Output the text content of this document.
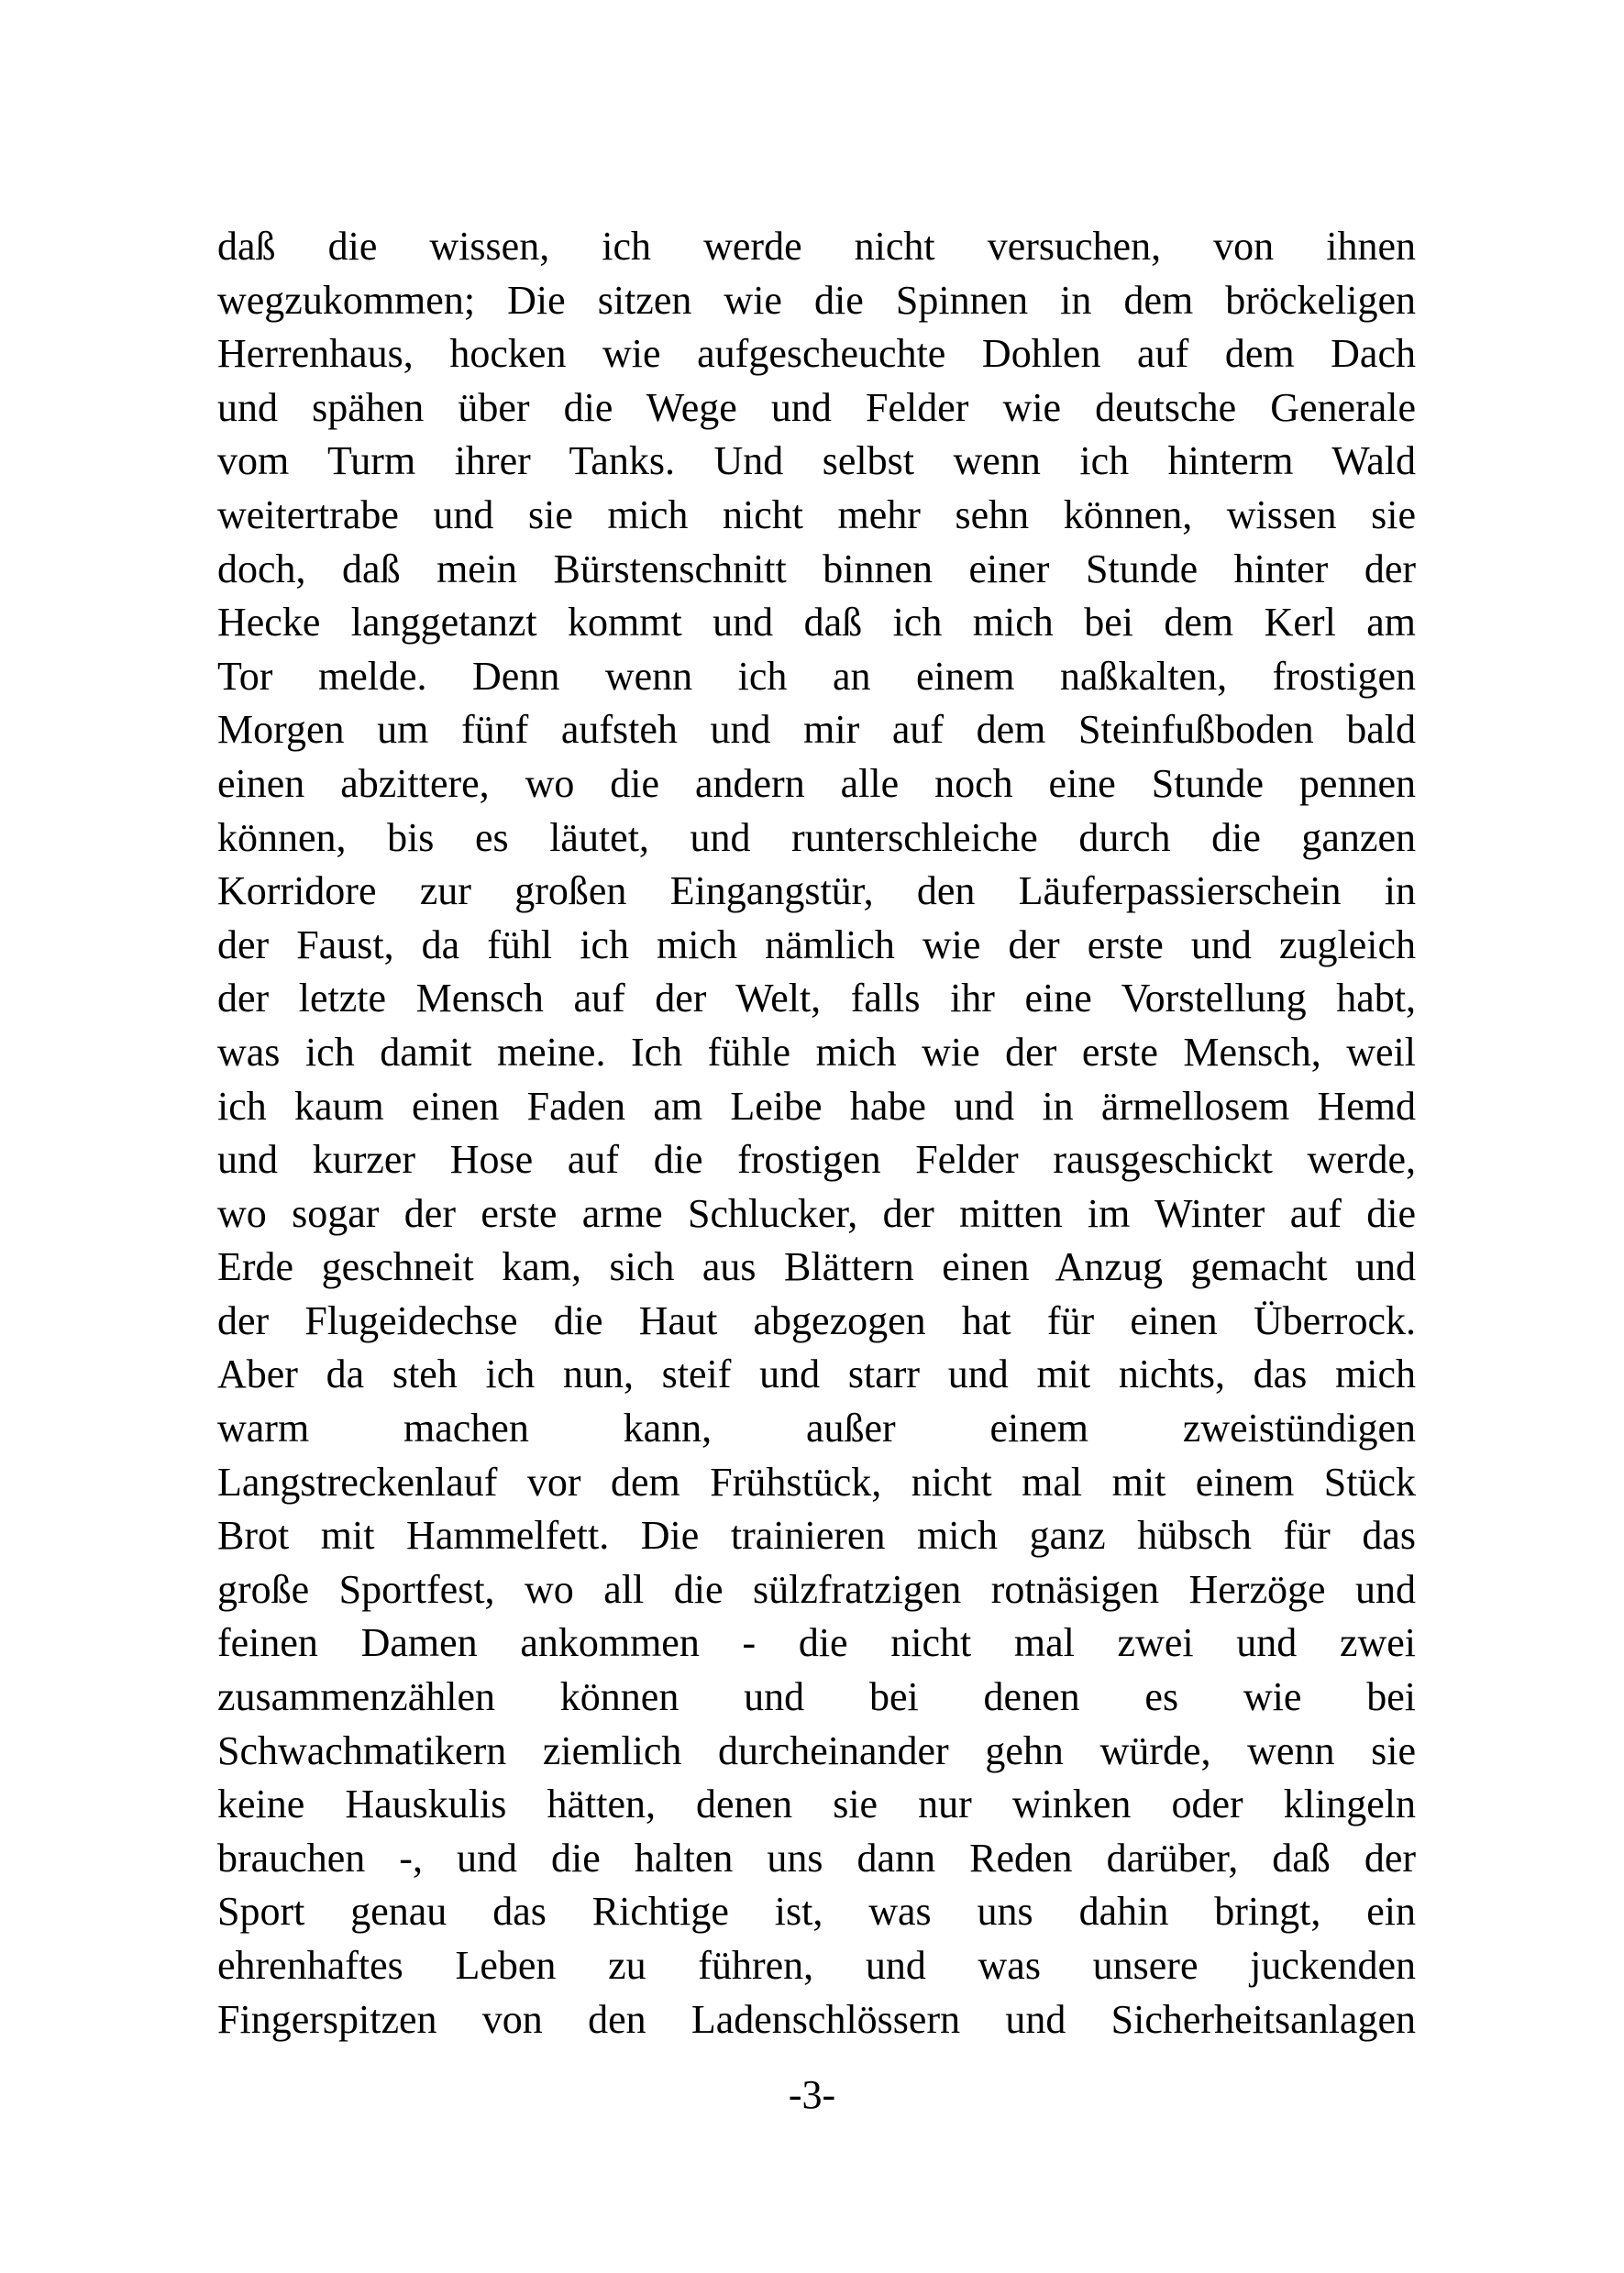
daß die wissen, ich werde nicht versuchen, von ihnen
wegzukommen; Die sitzen wie die Spinnen in dem bröckeligen
Herrenhaus, hocken wie aufgescheuchte Dohlen auf dem Dach
und spähen über die Wege und Felder wie deutsche Generale
vom Turm ihrer Tanks. Und selbst wenn ich hinterm Wald
weitertrabe und sie mich nicht mehr sehn können, wissen sie
doch, daß mein Bürstenschnitt binnen einer Stunde hinter der
Hecke langgetanzt kommt und daß ich mich bei dem Kerl am
Tor melde. Denn wenn ich an einem naßkalten, frostigen
Morgen um fünf aufsteh und mir auf dem Steinfußboden bald
einen abzittere, wo die andern alle noch eine Stunde pennen
können, bis es läutet, und runterschleiche durch die ganzen
Korridore zur großen Eingangstür, den Läuferpassierschein in
der Faust, da fühl ich mich nämlich wie der erste und zugleich
der letzte Mensch auf der Welt, falls ihr eine Vorstellung habt,
was ich damit meine. Ich fühle mich wie der erste Mensch, weil
ich kaum einen Faden am Leibe habe und in ärmellosem Hemd
und kurzer Hose auf die frostigen Felder rausgeschickt werde,
wo sogar der erste arme Schlucker, der mitten im Winter auf die
Erde geschneit kam, sich aus Blättern einen Anzug gemacht und
der Flugeidechse die Haut abgezogen hat für einen Überrock.
Aber da steh ich nun, steif und starr und mit nichts, das mich
warm machen kann, außer einem zweistündigen
Langstreckenlauf vor dem Frühstück, nicht mal mit einem Stück
Brot mit Hammelfett. Die trainieren mich ganz hübsch für das
große Sportfest, wo all die sülzfratzigen rotnäsigen Herzöge und
feinen Damen ankommen - die nicht mal zwei und zwei
zusammenzählen können und bei denen es wie bei
Schwachmatikern ziemlich durcheinander gehn würde, wenn sie
keine Hauskulis hätten, denen sie nur winken oder klingeln
brauchen -, und die halten uns dann Reden darüber, daß der
Sport genau das Richtige ist, was uns dahin bringt, ein
ehrenhaftes Leben zu führen, und was unsere juckenden
Fingerspitzen von den Ladenschlössern und Sicherheitsanlagen
-3-
